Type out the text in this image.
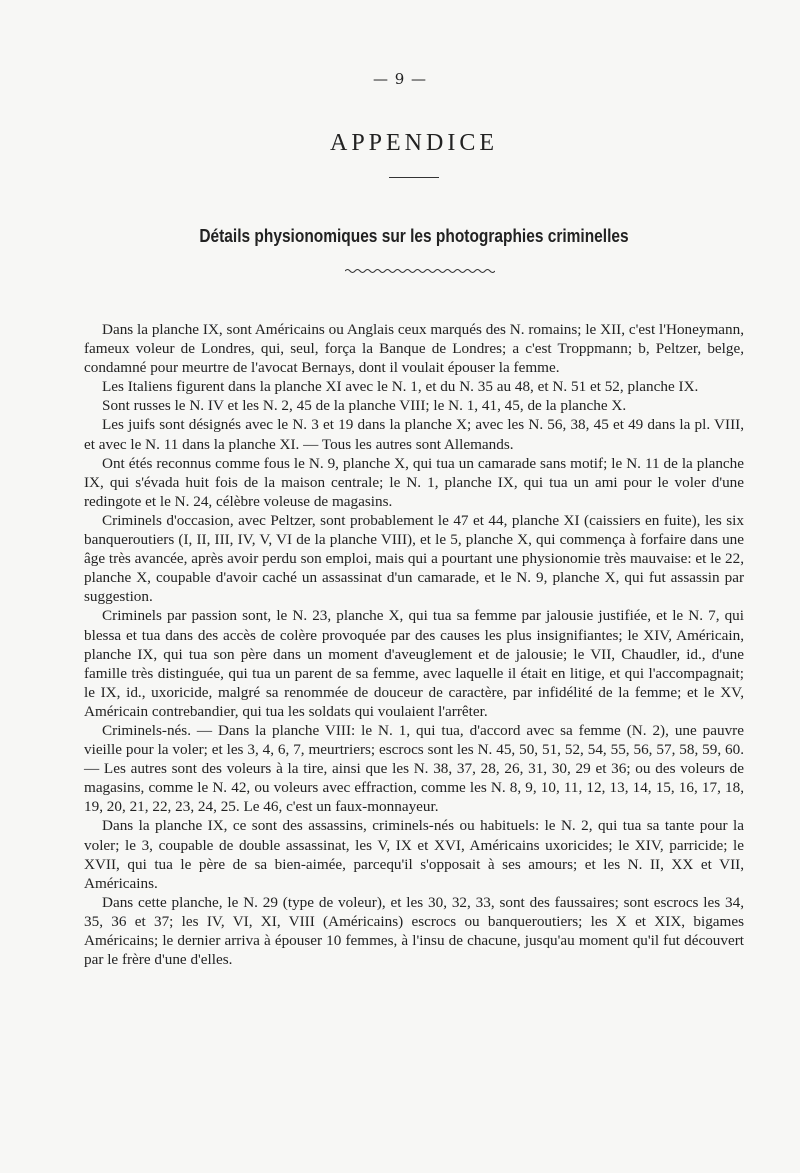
— 9 —
APPENDICE
Détails physionomiques sur les photographies criminelles

Dans la planche IX, sont Américains ou Anglais ceux marqués des N. romains; le XII, c'est l'Honeymann, fameux voleur de Londres, qui, seul, força la Banque de Londres; a c'est Troppmann; b, Peltzer, belge, condamné pour meurtre de l'avocat Bernays, dont il voulait épouser la femme.

Les Italiens figurent dans la planche XI avec le N. 1, et du N. 35 au 48, et N. 51 et 52, planche IX.

Sont russes le N. IV et les N. 2, 45 de la planche VIII; le N. 1, 41, 45, de la planche X.

Les juifs sont désignés avec le N. 3 et 19 dans la planche X; avec les N. 56, 38, 45 et 49 dans la pl. VIII, et avec le N. 11 dans la planche XI. — Tous les autres sont Allemands.

Ont étés reconnus comme fous le N. 9, planche X, qui tua un camarade sans motif; le N. 11 de la planche IX, qui s'évada huit fois de la maison centrale; le N. 1, planche IX, qui tua un ami pour le voler d'une redingote et le N. 24, célèbre voleuse de magasins.

Criminels d'occasion, avec Peltzer, sont probablement le 47 et 44, planche XI (caissiers en fuite), les six banqueroutiers (I, II, III, IV, V, VI de la planche VIII), et le 5, planche X, qui commença à forfaire dans une âge très avancée, après avoir perdu son emploi, mais qui a pourtant une physionomie très mauvaise: et le 22, planche X, coupable d'avoir caché un assassinat d'un camarade, et le N. 9, planche X, qui fut assassin par suggestion.

Criminels par passion sont, le N. 23, planche X, qui tua sa femme par jalousie justifiée, et le N. 7, qui blessa et tua dans des accès de colère provoquée par des causes les plus insignifiantes; le XIV, Américain, planche IX, qui tua son père dans un moment d'aveuglement et de jalousie; le VII, Chaudler, id., d'une famille très distinguée, qui tua un parent de sa femme, avec laquelle il était en litige, et qui l'accompagnait; le IX, id., uxoricide, malgré sa renommée de douceur de caractère, par infidélité de la femme; et le XV, Américain contrebandier, qui tua les soldats qui voulaient l'arrêter.

Criminels-nés. — Dans la planche VIII: le N. 1, qui tua, d'accord avec sa femme (N. 2), une pauvre vieille pour la voler; et les 3, 4, 6, 7, meurtriers; escrocs sont les N. 45, 50, 51, 52, 54, 55, 56, 57, 58, 59, 60. — Les autres sont des voleurs à la tire, ainsi que les N. 38, 37, 28, 26, 31, 30, 29 et 36; ou des voleurs de magasins, comme le N. 42, ou voleurs avec effraction, comme les N. 8, 9, 10, 11, 12, 13, 14, 15, 16, 17, 18, 19, 20, 21, 22, 23, 24, 25. Le 46, c'est un faux-monnayeur.

Dans la planche IX, ce sont des assassins, criminels-nés ou habituels: le N. 2, qui tua sa tante pour la voler; le 3, coupable de double assassinat, les V, IX et XVI, Américains uxoricides; le XIV, parricide; le XVII, qui tua le père de sa bien-aimée, parcequ'il s'opposait à ses amours; et les N. II, XX et VII, Américains.

Dans cette planche, le N. 29 (type de voleur), et les 30, 32, 33, sont des faussaires; sont escrocs les 34, 35, 36 et 37; les IV, VI, XI, VIII (Américains) escrocs ou banqueroutiers; les X et XIX, bigames Américains; le dernier arriva à épouser 10 femmes, à l'insu de chacune, jusqu'au moment qu'il fut découvert par le frère d'une d'elles.
